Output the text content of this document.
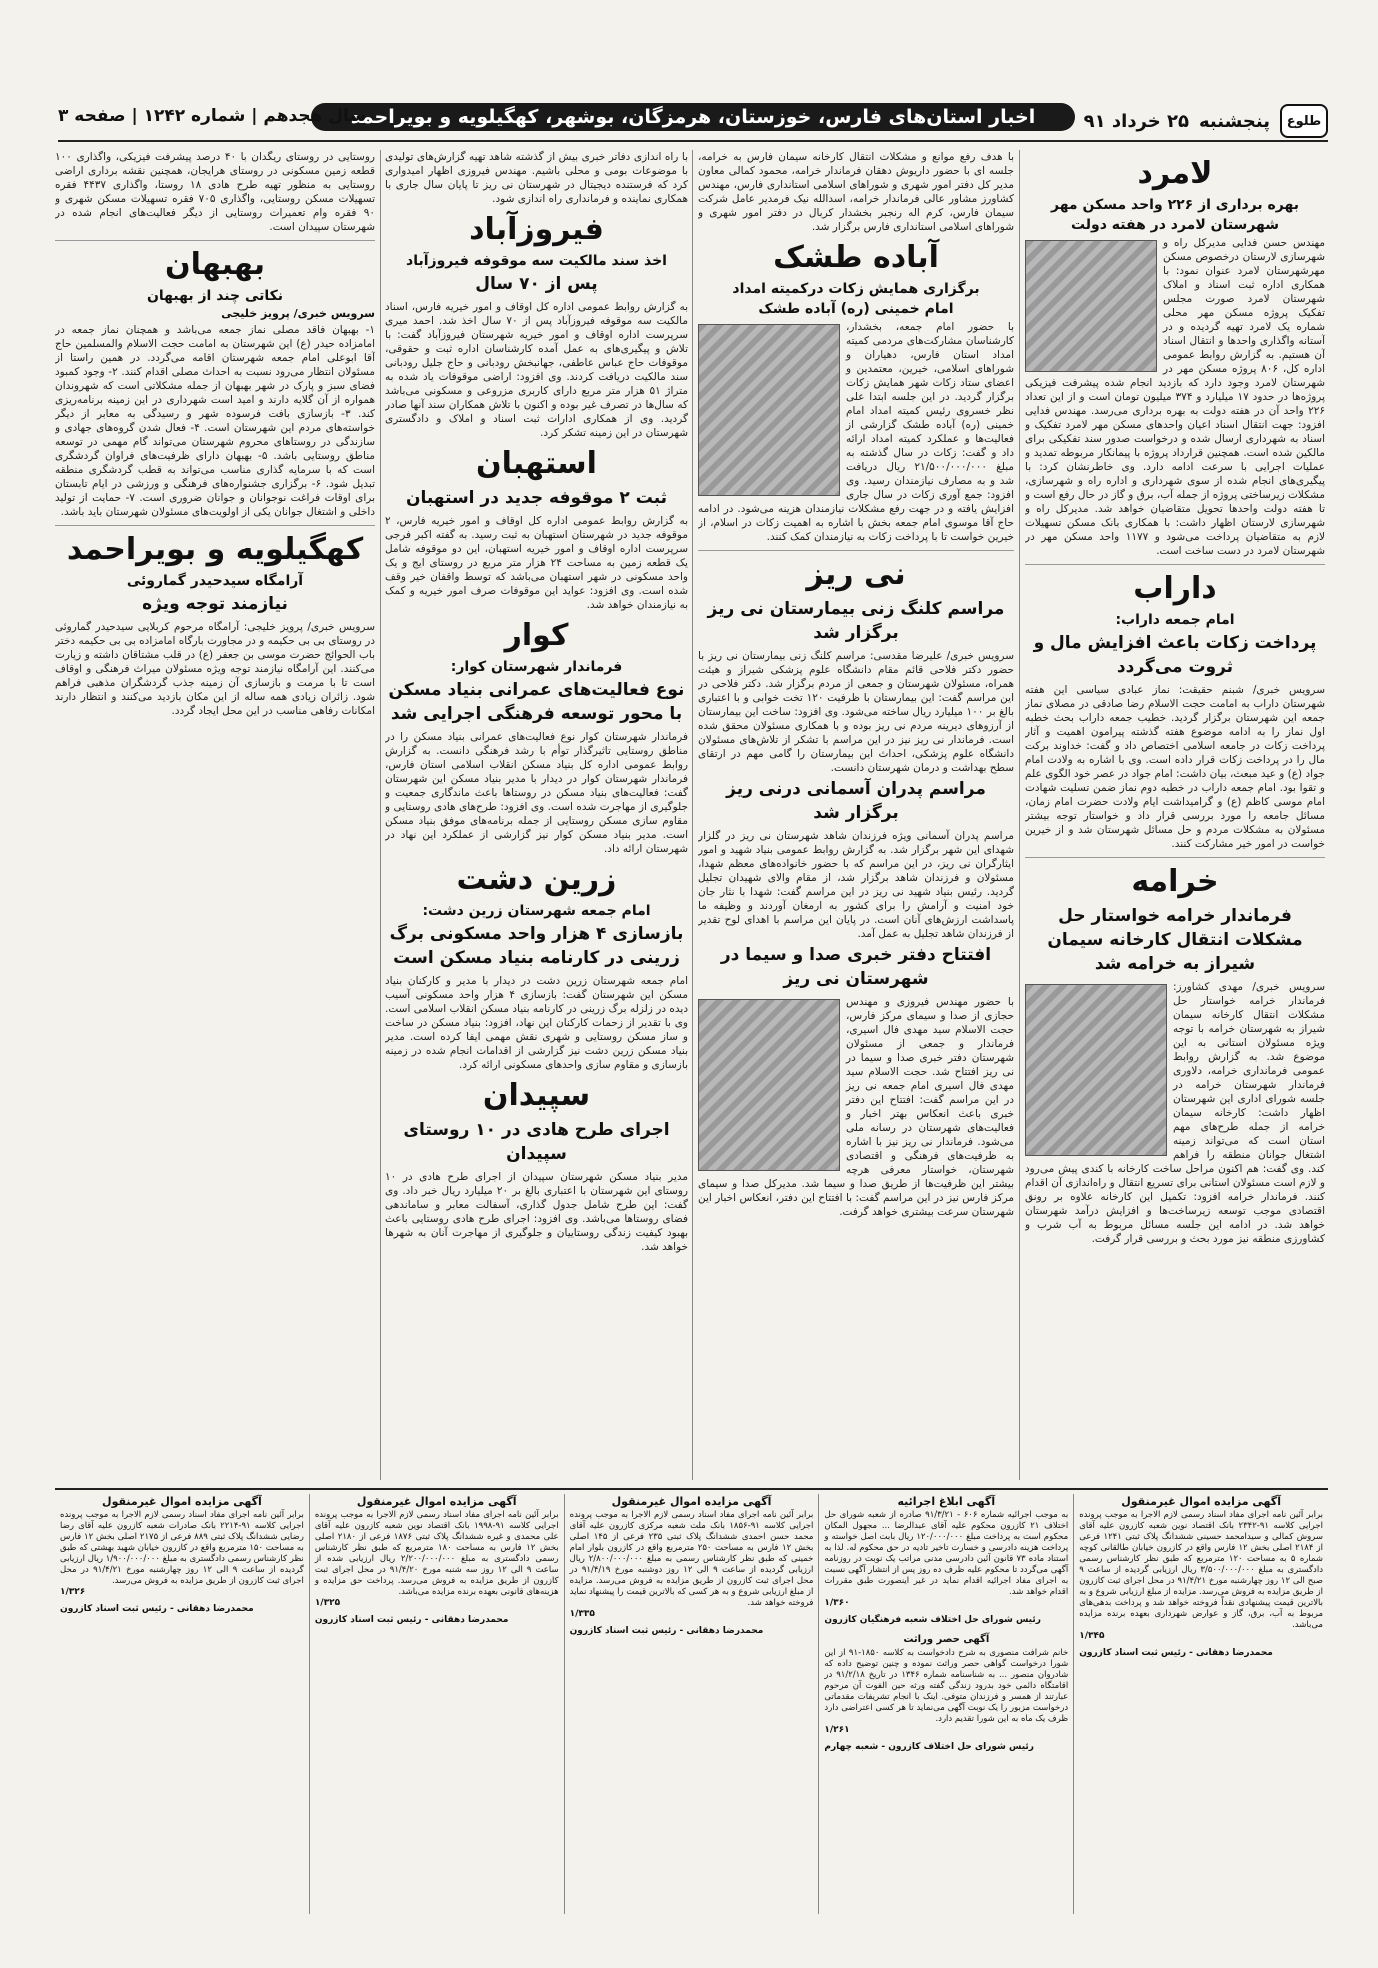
طلوع
پنجشنبه
۲۵ خرداد ۹۱
اخبار استان‌های فارس، خوزستان، هرمزگان، بوشهر، کهگیلویه و بویراحمد
سال هجدهم | شماره ۱۲۴۲ | صفحه ۳
لامرد
بهره برداری از ۲۲۶ واحد مسکن مهر
شهرستان لامرد در هفته دولت
مهندس حسن فدایی مدیرکل راه و شهرسازی لارستان درخصوص مسکن مهرشهرستان لامرد عنوان نمود: با همکاری اداره ثبت اسناد و املاک شهرستان لامرد صورت مجلس تفکیک پروژه مسکن مهر محلی شماره یک لامرد تهیه گردیده و در آستانه واگذاری واحدها و انتقال اسناد آن هستیم. به گزارش روابط عمومی اداره کل، ۸۰۶ پروژه مسکن مهر در شهرستان لامرد وجود دارد که بازدید انجام شده پیشرفت فیزیکی پروژه‌ها در حدود ۱۷ میلیارد و ۳۷۴ میلیون تومان است و از این تعداد ۲۲۶ واحد آن در هفته دولت به بهره برداری می‌رسد. مهندس فدایی افزود: جهت انتقال اسناد اعیان واحدهای مسکن مهر لامرد تفکیک و اسناد به شهرداری ارسال شده و درخواست صدور سند تفکیکی برای مالکین شده است. همچنین قرارداد پروژه با پیمانکار مربوطه تمدید و عملیات اجرایی با سرعت ادامه دارد. وی خاطرنشان کرد: با پیگیری‌های انجام شده از سوی شهرداری و اداره راه و شهرسازی، مشکلات زیرساختی پروژه از جمله آب، برق و گاز در حال رفع است و تا هفته دولت واحدها تحویل متقاضیان خواهد شد. مدیرکل راه و شهرسازی لارستان اظهار داشت: با همکاری بانک مسکن تسهیلات لازم به متقاضیان پرداخت می‌شود و ۱۱۷۷ واحد مسکن مهر در شهرستان لامرد در دست ساخت است.
داراب
امام جمعه داراب:
پرداخت زکات باعث افزایش مال و ثروت می‌گردد
سرویس خبری/ شبنم حقیقت: نماز عبادی سیاسی این هفته شهرستان داراب به امامت حجت الاسلام رضا صادقی در مصلای نماز جمعه این شهرستان برگزار گردید. خطیب جمعه داراب بحث خطبه اول نماز را به ادامه موضوع هفته گذشته پیرامون اهمیت و آثار پرداخت زکات در جامعه اسلامی اختصاص داد و گفت: خداوند برکت مال را در پرداخت زکات قرار داده است. وی با اشاره به ولادت امام جواد (ع) و عید مبعث، بیان داشت: امام جواد در عصر خود الگوی علم و تقوا بود. امام جمعه داراب در خطبه دوم نماز ضمن تسلیت شهادت امام موسی کاظم (ع) و گرامیداشت ایام ولادت حضرت امام زمان، مسائل جامعه را مورد بررسی قرار داد و خواستار توجه بیشتر مسئولان به مشکلات مردم و حل مسائل شهرستان شد و از خیرین خواست در امور خیر مشارکت کنند.
خرامه
فرماندار خرامه خواستار حل مشکلات انتقال کارخانه سیمان شیراز به خرامه شد
سرویس خبری/ مهدی کشاورز: فرماندار خرامه خواستار حل مشکلات انتقال کارخانه سیمان شیراز به شهرستان خرامه با توجه ویژه مسئولان استانی به این موضوع شد. به گزارش روابط عمومی فرمانداری خرامه، دلاوری فرماندار شهرستان خرامه در جلسه شورای اداری این شهرستان اظهار داشت: کارخانه سیمان خرامه از جمله طرح‌های مهم استان است که می‌تواند زمینه اشتغال جوانان منطقه را فراهم کند. وی گفت: هم اکنون مراحل ساخت کارخانه با کندی پیش می‌رود و لازم است مسئولان استانی برای تسریع انتقال و راه‌اندازی آن اقدام کنند. فرماندار خرامه افزود: تکمیل این کارخانه علاوه بر رونق اقتصادی موجب توسعه زیرساخت‌ها و افزایش درآمد شهرستان خواهد شد. در ادامه این جلسه مسائل مربوط به آب شرب و کشاورزی منطقه نیز مورد بحث و بررسی قرار گرفت.
با هدف رفع موانع و مشکلات انتقال کارخانه سیمان فارس به خرامه، جلسه ای با حضور داریوش دهقان فرماندار خرامه، محمود کمالی معاون مدیر کل دفتر امور شهری و شوراهای اسلامی استانداری فارس، مهندس کشاورز مشاور عالی فرماندار خرامه، اسدالله نیک فرمدیر عامل شرکت سیمان فارس، کرم اله رنجبر بخشدار کربال در دفتر امور شهری و شوراهای اسلامی استانداری فارس برگزار شد.
آباده طشک
برگزاری همایش زکات درکمیته امداد
امام خمینی (ره) آباده طشک
با حضور امام جمعه، بخشدار، کارشناسان مشارکت‌های مردمی کمیته امداد استان فارس، دهیاران و شوراهای اسلامی، خیرین، معتمدین و اعضای ستاد زکات شهر همایش زکات برگزار گردید. در این جلسه ابتدا علی نظر خسروی رئیس کمیته امداد امام خمینی (ره) آباده طشک گزارشی از فعالیت‌ها و عملکرد کمیته امداد ارائه داد و گفت: زکات در سال گذشته به مبلغ ۲۱/۵۰۰/۰۰۰/۰۰۰ ریال دریافت شد و به مصارف نیازمندان رسید. وی افزود: جمع آوری زکات در سال جاری افزایش یافته و در جهت رفع مشکلات نیازمندان هزینه می‌شود. در ادامه حاج آقا موسوی امام جمعه بخش با اشاره به اهمیت زکات در اسلام، از خیرین خواست تا با پرداخت زکات به نیازمندان کمک کنند.
نی ریز
مراسم کلنگ زنی بیمارستان نی ریز برگزار شد
سرویس خبری/ علیرضا مقدسی: مراسم کلنگ زنی بیمارستان نی ریز با حضور دکتر فلاحی قائم مقام دانشگاه علوم پزشکی شیراز و هیئت همراه، مسئولان شهرستان و جمعی از مردم برگزار شد. دکتر فلاحی در این مراسم گفت: این بیمارستان با ظرفیت ۱۲۰ تخت خوابی و با اعتباری بالغ بر ۱۰۰ میلیارد ریال ساخته می‌شود. وی افزود: ساخت این بیمارستان از آرزوهای دیرینه مردم نی ریز بوده و با همکاری مسئولان محقق شده است. فرماندار نی ریز نیز در این مراسم با تشکر از تلاش‌های مسئولان دانشگاه علوم پزشکی، احداث این بیمارستان را گامی مهم در ارتقای سطح بهداشت و درمان شهرستان دانست.
مراسم پدران آسمانی درنی ریز برگزار شد
مراسم پدران آسمانی ویژه فرزندان شاهد شهرستان نی ریز در گلزار شهدای این شهر برگزار شد. به گزارش روابط عمومی بنیاد شهید و امور ایثارگران نی ریز، در این مراسم که با حضور خانواده‌های معظم شهدا، مسئولان و فرزندان شاهد برگزار شد، از مقام والای شهیدان تجلیل گردید. رئیس بنیاد شهید نی ریز در این مراسم گفت: شهدا با نثار جان خود امنیت و آرامش را برای کشور به ارمغان آوردند و وظیفه ما پاسداشت ارزش‌های آنان است. در پایان این مراسم با اهدای لوح تقدیر از فرزندان شاهد تجلیل به عمل آمد.
افتتاح دفتر خبری صدا و سیما در شهرستان نی ریز
با حضور مهندس فیروزی و مهندس حجازی از صدا و سیمای مرکز فارس، حجت الاسلام سید مهدی فال اسیری، فرماندار و جمعی از مسئولان شهرستان دفتر خبری صدا و سیما در نی ریز افتتاح شد. حجت الاسلام سید مهدی فال اسیری امام جمعه نی ریز در این مراسم گفت: افتتاح این دفتر خبری باعث انعکاس بهتر اخبار و فعالیت‌های شهرستان در رسانه ملی می‌شود. فرماندار نی ریز نیز با اشاره به ظرفیت‌های فرهنگی و اقتصادی شهرستان، خواستار معرفی هرچه بیشتر این ظرفیت‌ها از طریق صدا و سیما شد. مدیرکل صدا و سیمای مرکز فارس نیز در این مراسم گفت: با افتتاح این دفتر، انعکاس اخبار این شهرستان سرعت بیشتری خواهد گرفت.
با راه اندازی دفاتر خبری بیش از گذشته شاهد تهیه گزارش‌های تولیدی با موضوعات بومی و محلی باشیم. مهندس فیروزی اظهار امیدواری کرد که فرستنده دیجیتال در شهرستان نی ریز تا پایان سال جاری با همکاری نماینده و فرمانداری راه اندازی شود.
فیروزآباد
اخذ سند مالکیت سه موقوفه فیروزآباد
پس از ۷۰ سال
به گزارش روابط عمومی اداره کل اوقاف و امور خیریه فارس، اسناد مالکیت سه موقوفه فیروزآباد پس از ۷۰ سال اخذ شد. احمد میری سرپرست اداره اوقاف و امور خیریه شهرستان فیروزآباد گفت: با تلاش و پیگیری‌های به عمل آمده کارشناسان اداره ثبت و حقوقی، موقوفات حاج عباس عاطفی، جهانبخش رودبانی و حاج جلیل رودبانی سند مالکیت دریافت کردند. وی افزود: اراضی موقوفات یاد شده به متراژ ۵۱ هزار متر مربع دارای کاربری مزروعی و مسکونی می‌باشد که سال‌ها در تصرف غیر بوده و اکنون با تلاش همکاران سند آنها صادر گردید. وی از همکاری ادارات ثبت اسناد و املاک و دادگستری شهرستان در این زمینه تشکر کرد.
استهبان
ثبت ۲ موقوفه جدید در استهبان
به گزارش روابط عمومی اداره کل اوقاف و امور خیریه فارس، ۲ موقوفه جدید در شهرستان استهبان به ثبت رسید. به گفته اکبر فرجی سرپرست اداره اوقاف و امور خیریه استهبان، این دو موقوفه شامل یک قطعه زمین به مساحت ۲۴ هزار متر مربع در روستای ایج و یک واحد مسکونی در شهر استهبان می‌باشد که توسط واقفان خیر وقف شده است. وی افزود: عواید این موقوفات صرف امور خیریه و کمک به نیازمندان خواهد شد.
کوار
فرماندار شهرستان کوار:
نوع فعالیت‌های عمرانی بنیاد مسکن با محور توسعه فرهنگی اجرایی شد
فرماندار شهرستان کوار نوع فعالیت‌های عمرانی بنیاد مسکن را در مناطق روستایی تاثیرگذار توأم با رشد فرهنگی دانست. به گزارش روابط عمومی اداره کل بنیاد مسکن انقلاب اسلامی استان فارس، فرماندار شهرستان کوار در دیدار با مدیر بنیاد مسکن این شهرستان گفت: فعالیت‌های بنیاد مسکن در روستاها باعث ماندگاری جمعیت و جلوگیری از مهاجرت شده است. وی افزود: طرح‌های هادی روستایی و مقاوم سازی مسکن روستایی از جمله برنامه‌های موفق بنیاد مسکن است. مدیر بنیاد مسکن کوار نیز گزارشی از عملکرد این نهاد در شهرستان ارائه داد.
زرین دشت
امام جمعه شهرستان زرین دشت:
بازسازی ۴ هزار واحد مسکونی برگ زرینی در کارنامه بنیاد مسکن است
امام جمعه شهرستان زرین دشت در دیدار با مدیر و کارکنان بنیاد مسکن این شهرستان گفت: بازسازی ۴ هزار واحد مسکونی آسیب دیده در زلزله برگ زرینی در کارنامه بنیاد مسکن انقلاب اسلامی است. وی با تقدیر از زحمات کارکنان این نهاد، افزود: بنیاد مسکن در ساخت و ساز مسکن روستایی و شهری نقش مهمی ایفا کرده است. مدیر بنیاد مسکن زرین دشت نیز گزارشی از اقدامات انجام شده در زمینه بازسازی و مقاوم سازی واحدهای مسکونی ارائه کرد.
سپیدان
اجرای طرح هادی در ۱۰ روستای سپیدان
مدیر بنیاد مسکن شهرستان سپیدان از اجرای طرح هادی در ۱۰ روستای این شهرستان با اعتباری بالغ بر ۲۰ میلیارد ریال خبر داد. وی گفت: این طرح شامل جدول گذاری، آسفالت معابر و ساماندهی فضای روستاها می‌باشد. وی افزود: اجرای طرح هادی روستایی باعث بهبود کیفیت زندگی روستاییان و جلوگیری از مهاجرت آنان به شهرها خواهد شد.
روستایی در روستای ریگدان با ۴۰ درصد پیشرفت فیزیکی، واگذاری ۱۰۰ قطعه زمین مسکونی در روستای هرایجان، همچنین نقشه برداری اراضی روستایی به منظور تهیه طرح هادی ۱۸ روستا، واگذاری ۴۴۳۷ فقره تسهیلات مسکن روستایی، واگذاری ۷۰۵ فقره تسهیلات مسکن شهری و ۹۰ فقره وام تعمیرات روستایی از دیگر فعالیت‌های انجام شده در شهرستان سپیدان است.
بهبهان
نکاتی چند از بهبهان
سرویس خبری/ پرویز خلیجی
۱- بهبهان فاقد مصلی نماز جمعه می‌باشد و همچنان نماز جمعه در امامزاده حیدر (ع) این شهرستان به امامت حجت الاسلام والمسلمین حاج آقا ابوعلی امام جمعه شهرستان اقامه می‌گردد. در همین راستا از مسئولان انتظار می‌رود نسبت به احداث مصلی اقدام کنند. ۲- وجود کمبود فضای سبز و پارک در شهر بهبهان از جمله مشکلاتی است که شهروندان همواره از آن گلایه دارند و امید است شهرداری در این زمینه برنامه‌ریزی کند. ۳- بازسازی بافت فرسوده شهر و رسیدگی به معابر از دیگر خواسته‌های مردم این شهرستان است. ۴- فعال شدن گروه‌های جهادی و سازندگی در روستاهای محروم شهرستان می‌تواند گام مهمی در توسعه مناطق روستایی باشد. ۵- بهبهان دارای ظرفیت‌های فراوان گردشگری است که با سرمایه گذاری مناسب می‌تواند به قطب گردشگری منطقه تبدیل شود. ۶- برگزاری جشنواره‌های فرهنگی و ورزشی در ایام تابستان برای اوقات فراغت نوجوانان و جوانان ضروری است. ۷- حمایت از تولید داخلی و اشتغال جوانان یکی از اولویت‌های مسئولان شهرستان باید باشد.
کهگیلویه و بویراحمد
آرامگاه سیدحیدر گماروئی
نیازمند توجه ویژه
سرویس خبری/ پرویز خلیجی: آرامگاه مرحوم کربلایی سیدحیدر گماروئی در روستای بی بی حکیمه و در مجاورت بارگاه امامزاده بی بی حکیمه دختر باب الحوائج حضرت موسی بن جعفر (ع) در قلب مشتاقان داشته و زیارت می‌کنند. این آرامگاه نیازمند توجه ویژه مسئولان میراث فرهنگی و اوقاف است تا با مرمت و بازسازی آن زمینه جذب گردشگران مذهبی فراهم شود. زائران زیادی همه ساله از این مکان بازدید می‌کنند و انتظار دارند امکانات رفاهی مناسب در این محل ایجاد گردد.
آگهی مزایده اموال غیرمنقول
برابر آئین نامه اجرای مفاد اسناد رسمی لازم الاجرا به موجب پرونده اجرایی کلاسه ۹۱-۲۳۴۲ بانک اقتصاد نوین شعبه کازرون علیه آقای سروش کمالی و سیدامحمد حسینی ششدانگ پلاک ثبتی ۱۲۴۱ فرعی از ۲۱۸۴ اصلی بخش ۱۲ فارس واقع در کازرون خیابان طالقانی کوچه شماره ۵ به مساحت ۱۲۰ مترمربع که طبق نظر کارشناس رسمی دادگستری به مبلغ ۳/۵۰۰/۰۰۰/۰۰۰ ریال ارزیابی گردیده از ساعت ۹ صبح الی ۱۲ روز چهارشنبه مورخ ۹۱/۴/۲۱ در محل اجرای ثبت کازرون از طریق مزایده به فروش می‌رسد. مزایده از مبلغ ارزیابی شروع و به بالاترین قیمت پیشنهادی نقداً فروخته خواهد شد و پرداخت بدهی‌های مربوط به آب، برق، گاز و عوارض شهرداری بعهده برنده مزایده می‌باشد.
۱/۳۴۵
محمدرضا دهقانی - رئیس ثبت اسناد کازرون
آگهی ابلاغ اجرائیه
به موجب اجرائیه شماره ۶۰۶ - ۹۱/۳/۲۱ صادره از شعبه شورای حل اختلاف ۲۱ کازرون محکوم علیه آقای عبدالرضا ... مجهول المکان محکوم است به پرداخت مبلغ ۱۲۰/۰۰۰/۰۰۰ ریال بابت اصل خواسته و پرداخت هزینه دادرسی و خسارت تاخیر تادیه در حق محکوم له. لذا به استناد ماده ۷۳ قانون آئین دادرسی مدنی مراتب یک نوبت در روزنامه آگهی می‌گردد تا محکوم علیه ظرف ده روز پس از انتشار آگهی نسبت به اجرای مفاد اجرائیه اقدام نماید در غیر اینصورت طبق مقررات اقدام خواهد شد.
۱/۳۶۰
رئیس شورای حل اختلاف شعبه فرهنگیان کازرون
آگهی حصر وراثت
خانم شرافت منصوری به شرح دادخواست به کلاسه ۱۸۵۰-۹۱ از این شورا درخواست گواهی حصر وراثت نموده و چنین توضیح داده که شادروان منصور ... به شناسنامه شماره ۱۳۴۶ در تاریخ ۹۱/۲/۱۸ در اقامتگاه دائمی خود بدرود زندگی گفته ورثه حین الفوت آن مرحوم عبارتند از همسر و فرزندان متوفی. اینک با انجام تشریفات مقدماتی درخواست مزبور را یک نوبت آگهی می‌نماید تا هر کسی اعتراضی دارد ظرف یک ماه به این شورا تقدیم دارد.
۱/۲۶۱
رئیس شورای حل اختلاف کازرون - شعبه چهارم
آگهی مزایده اموال غیرمنقول
برابر آئین نامه اجرای مفاد اسناد رسمی لازم الاجرا به موجب پرونده اجرایی کلاسه ۹۱-۱۸۵۶ بانک ملت شعبه مرکزی کازرون علیه آقای محمد حسن احمدی ششدانگ پلاک ثبتی ۲۳۵ فرعی از ۱۴۵ اصلی بخش ۱۲ فارس به مساحت ۲۵۰ مترمربع واقع در کازرون بلوار امام خمینی که طبق نظر کارشناس رسمی به مبلغ ۲/۸۰۰/۰۰۰/۰۰۰ ریال ارزیابی گردیده از ساعت ۹ الی ۱۲ روز دوشنبه مورخ ۹۱/۴/۱۹ در محل اجرای ثبت کازرون از طریق مزایده به فروش می‌رسد. مزایده از مبلغ ارزیابی شروع و به هر کسی که بالاترین قیمت را پیشنهاد نماید فروخته خواهد شد.
۱/۳۳۵
محمدرضا دهقانی - رئیس ثبت اسناد کازرون
آگهی مزایده اموال غیرمنقول
برابر آئین نامه اجرای مفاد اسناد رسمی لازم الاجرا به موجب پرونده اجرایی کلاسه ۹۱-۱۹۹۸ بانک اقتصاد نوین شعبه کازرون علیه آقای علی محمدی و غیره ششدانگ پلاک ثبتی ۱۸۷۶ فرعی از ۲۱۸۰ اصلی بخش ۱۲ فارس به مساحت ۱۸۰ مترمربع که طبق نظر کارشناس رسمی دادگستری به مبلغ ۲/۲۰۰/۰۰۰/۰۰۰ ریال ارزیابی شده از ساعت ۹ الی ۱۲ روز سه شنبه مورخ ۹۱/۴/۲۰ در محل اجرای ثبت کازرون از طریق مزایده به فروش می‌رسد. پرداخت حق مزایده و هزینه‌های قانونی بعهده برنده مزایده می‌باشد.
۱/۳۲۵
محمدرضا دهقانی - رئیس ثبت اسناد کازرون
آگهی مزایده اموال غیرمنقول
برابر آئین نامه اجرای مفاد اسناد رسمی لازم الاجرا به موجب پرونده اجرایی کلاسه ۹۱-۲۲۱۴ بانک صادرات شعبه کازرون علیه آقای رضا رضایی ششدانگ پلاک ثبتی ۸۸۹ فرعی از ۲۱۷۵ اصلی بخش ۱۲ فارس به مساحت ۱۵۰ مترمربع واقع در کازرون خیابان شهید بهشتی که طبق نظر کارشناس رسمی دادگستری به مبلغ ۱/۹۰۰/۰۰۰/۰۰۰ ریال ارزیابی گردیده از ساعت ۹ الی ۱۲ روز چهارشنبه مورخ ۹۱/۴/۲۱ در محل اجرای ثبت کازرون از طریق مزایده به فروش می‌رسد.
۱/۳۲۶
محمدرضا دهقانی - رئیس ثبت اسناد کازرون
